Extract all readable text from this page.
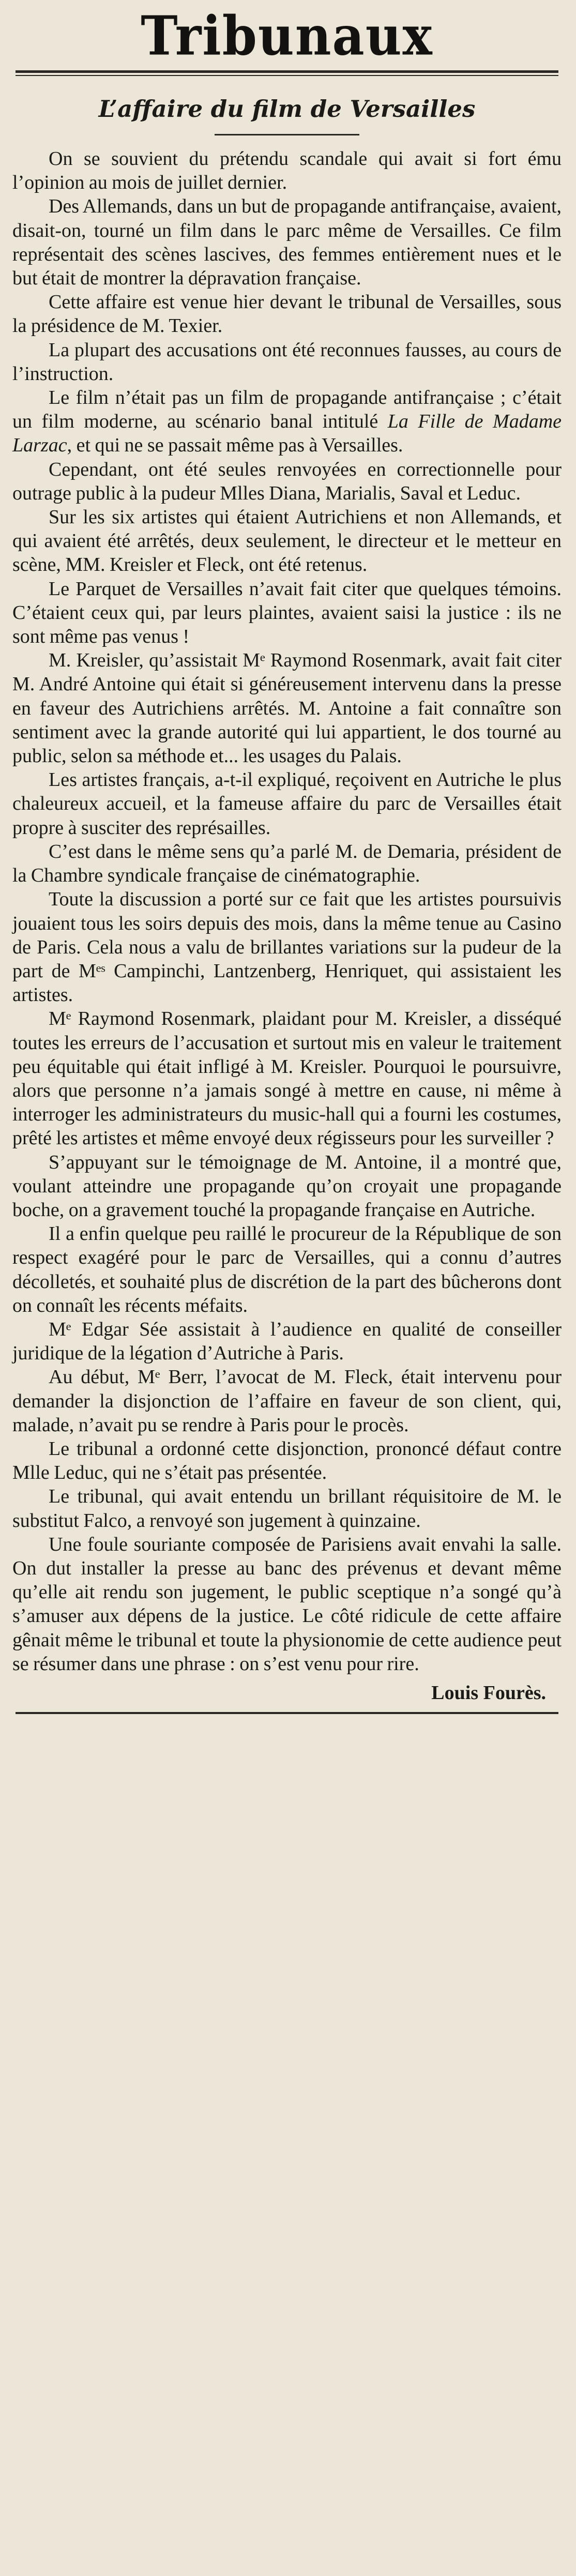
Tribunaux
L’affaire du film de Versailles

On se souvient du prétendu scandale qui avait si fort ému l’opinion au mois de juillet dernier.

Des Allemands, dans un but de propagande antifrançaise, avaient, disait-on, tourné un film dans le parc même de Versailles. Ce film représentait des scènes lascives, des femmes entièrement nues et le but était de montrer la dépravation française.

Cette affaire est venue hier devant le tribunal de Versailles, sous la présidence de M. Texier.

La plupart des accusations ont été reconnues fausses, au cours de l’instruction.

Le film n’était pas un film de propagande antifrançaise ; c’était un film moderne, au scénario banal intitulé La Fille de Madame Larzac, et qui ne se passait même pas à Versailles.

Cependant, ont été seules renvoyées en correctionnelle pour outrage public à la pudeur Mlles Diana, Marialis, Saval et Leduc.

Sur les six artistes qui étaient Autrichiens et non Allemands, et qui avaient été arrêtés, deux seulement, le directeur et le metteur en scène, MM. Kreisler et Fleck, ont été retenus.

Le Parquet de Versailles n’avait fait citer que quelques témoins. C’étaient ceux qui, par leurs plaintes, avaient saisi la justice : ils ne sont même pas venus !

M. Kreisler, qu’assistait Mᵉ Raymond Rosenmark, avait fait citer M. André Antoine qui était si généreusement intervenu dans la presse en faveur des Autrichiens arrêtés. M. Antoine a fait connaître son sentiment avec la grande autorité qui lui appartient, le dos tourné au public, selon sa méthode et... les usages du Palais.

Les artistes français, a-t-il expliqué, reçoivent en Autriche le plus chaleureux accueil, et la fameuse affaire du parc de Versailles était propre à susciter des représailles.

C’est dans le même sens qu’a parlé M. de Demaria, président de la Chambre syndicale française de cinématographie.

Toute la discussion a porté sur ce fait que les artistes poursuivis jouaient tous les soirs depuis des mois, dans la même tenue au Casino de Paris. Cela nous a valu de brillantes variations sur la pudeur de la part de Mᵉˢ Campinchi, Lantzenberg, Henriquet, qui assistaient les artistes.

Mᵉ Raymond Rosenmark, plaidant pour M. Kreisler, a disséqué toutes les erreurs de l’accusation et surtout mis en valeur le traitement peu équitable qui était infligé à M. Kreisler. Pourquoi le poursuivre, alors que personne n’a jamais songé à mettre en cause, ni même à interroger les administrateurs du music-hall qui a fourni les costumes, prêté les artistes et même envoyé deux régisseurs pour les surveiller ?

S’appuyant sur le témoignage de M. Antoine, il a montré que, voulant atteindre une propagande qu’on croyait une propagande boche, on a gravement touché la propagande française en Autriche.

Il a enfin quelque peu raillé le procureur de la République de son respect exagéré pour le parc de Versailles, qui a connu d’autres décolletés, et souhaité plus de discrétion de la part des bûcherons dont on connaît les récents méfaits.

Mᵉ Edgar Sée assistait à l’audience en qualité de conseiller juridique de la légation d’Autriche à Paris.

Au début, Mᵉ Berr, l’avocat de M. Fleck, était intervenu pour demander la disjonction de l’affaire en faveur de son client, qui, malade, n’avait pu se rendre à Paris pour le procès.

Le tribunal a ordonné cette disjonction, prononcé défaut contre Mlle Leduc, qui ne s’était pas présentée.

Le tribunal, qui avait entendu un brillant réquisitoire de M. le substitut Falco, a renvoyé son jugement à quinzaine.

Une foule souriante composée de Parisiens avait envahi la salle. On dut installer la presse au banc des prévenus et devant même qu’elle ait rendu son jugement, le public sceptique n’a songé qu’à s’amuser aux dépens de la justice. Le côté ridicule de cette affaire gênait même le tribunal et toute la physionomie de cette audience peut se résumer dans une phrase : on s’est venu pour rire.

Louis Fourès.
